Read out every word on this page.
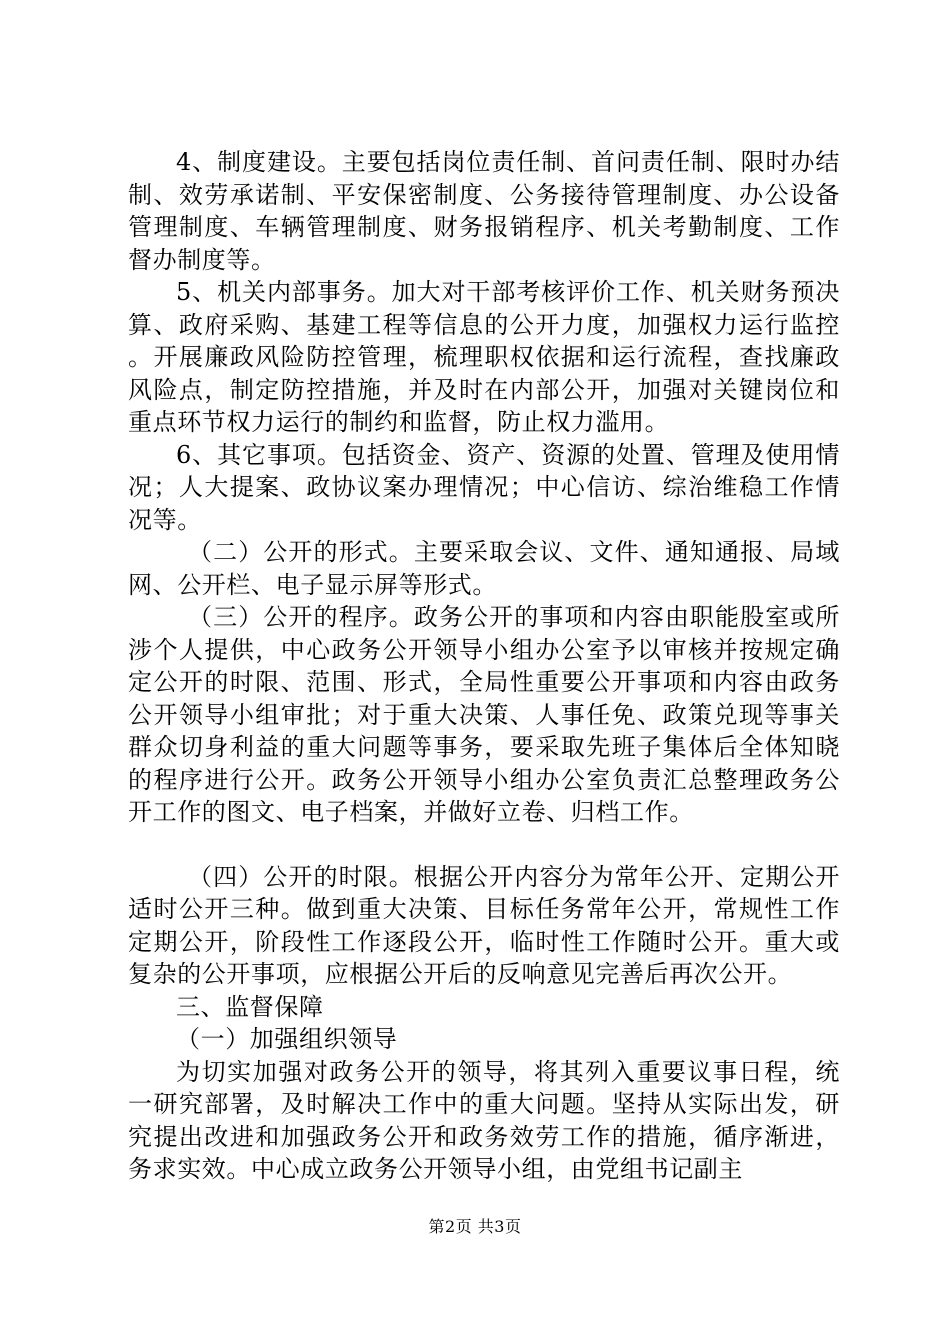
4、制度建设。主要包括岗位责任制、首问责任制、限时办结制、效劳承诺制、平安保密制度、公务接待管理制度、办公设备管理制度、车辆管理制度、财务报销程序、机关考勤制度、工作督办制度等。

5、机关内部事务。加大对干部考核评价工作、机关财务预决算、政府采购、基建工程等信息的公开力度，加强权力运行监控。开展廉政风险防控管理，梳理职权依据和运行流程，查找廉政风险点，制定防控措施，并及时在内部公开，加强对关键岗位和重点环节权力运行的制约和监督，防止权力滥用。

6、其它事项。包括资金、资产、资源的处置、管理及使用情况；人大提案、政协议案办理情况；中心信访、综治维稳工作情况等。

（二）公开的形式。主要采取会议、文件、通知通报、局域网、公开栏、电子显示屏等形式。

（三）公开的程序。政务公开的事项和内容由职能股室或所涉个人提供，中心政务公开领导小组办公室予以审核并按规定确定公开的时限、范围、形式，全局性重要公开事项和内容由政务公开领导小组审批；对于重大决策、人事任免、政策兑现等事关群众切身利益的重大问题等事务，要采取先班子集体后全体知晓的程序进行公开。政务公开领导小组办公室负责汇总整理政务公开工作的图文、电子档案，并做好立卷、归档工作。

（四）公开的时限。根据公开内容分为常年公开、定期公开适时公开三种。做到重大决策、目标任务常年公开，常规性工作定期公开，阶段性工作逐段公开，临时性工作随时公开。重大或复杂的公开事项，应根据公开后的反响意见完善后再次公开。

三、监督保障

（一）加强组织领导

为切实加强对政务公开的领导，将其列入重要议事日程，统一研究部署，及时解决工作中的重大问题。坚持从实际出发，研究提出改进和加强政务公开和政务效劳工作的措施，循序渐进，务求实效。中心成立政务公开领导小组，由党组书记副主

第2页 共3页
